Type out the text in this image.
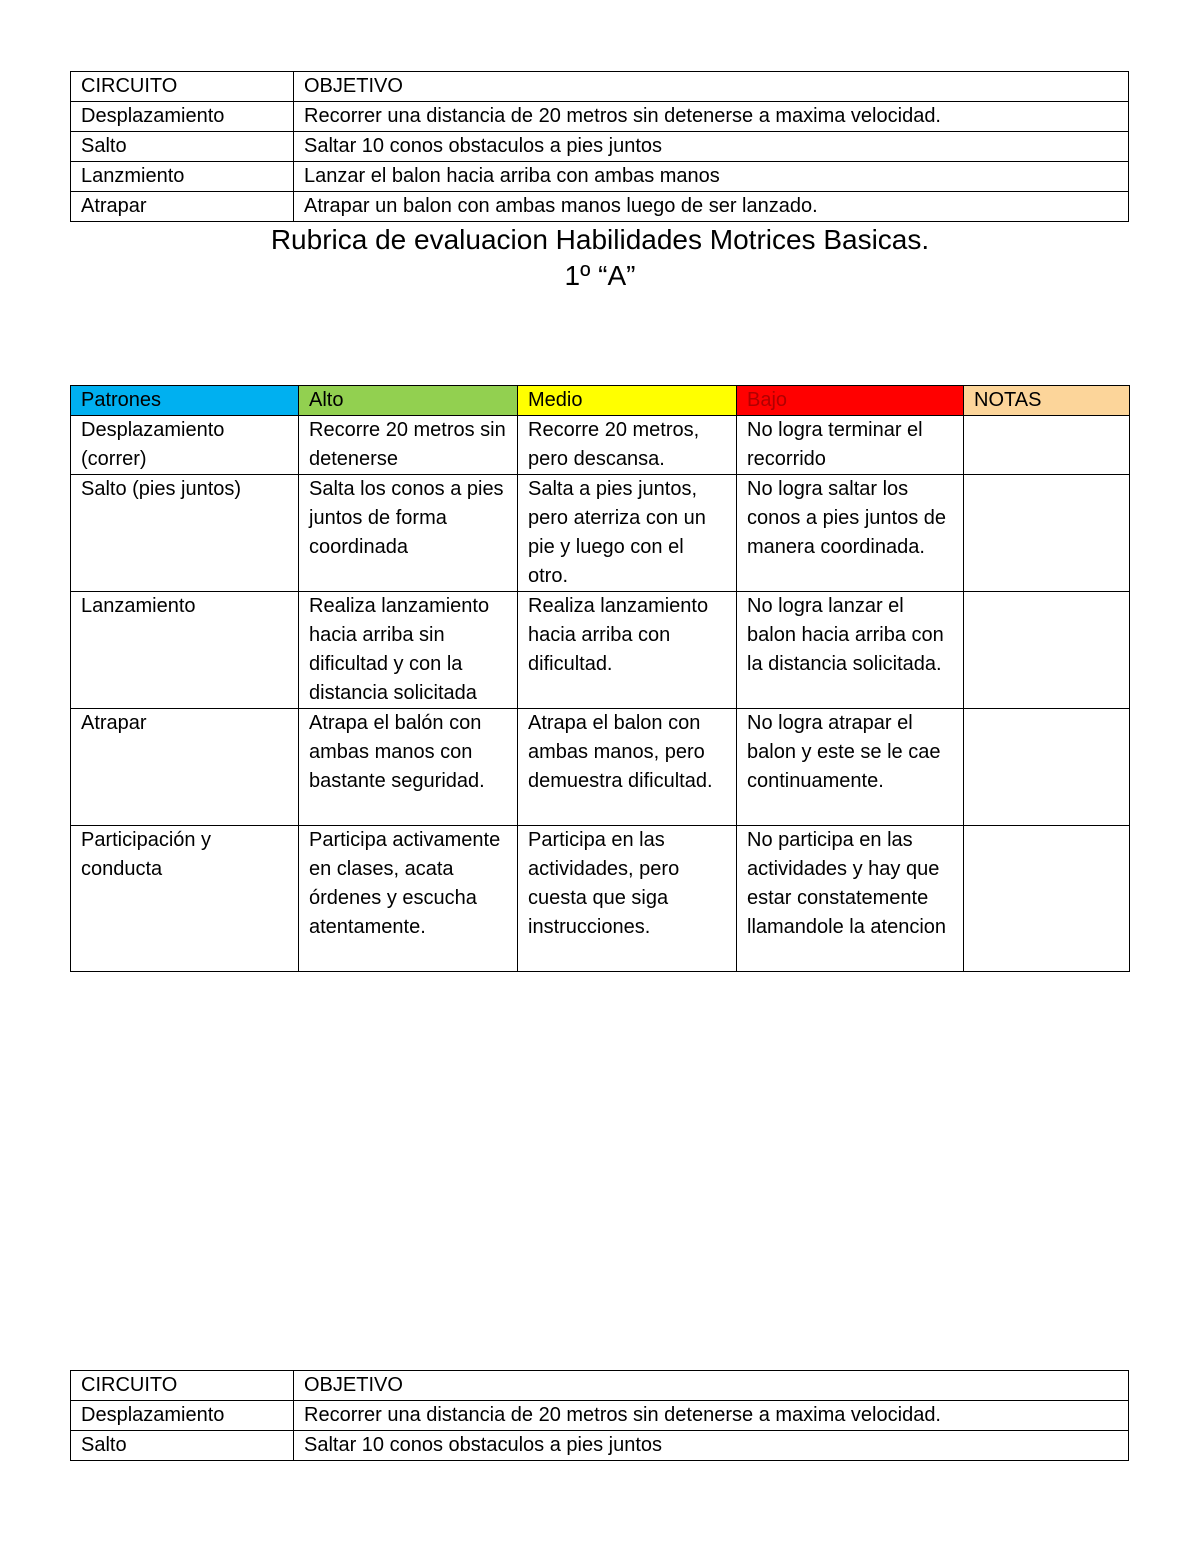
CIRCUITO	OBJETIVO
Desplazamiento	Recorrer una distancia de 20 metros sin detenerse a maxima velocidad.
Salto	Saltar 10 conos obstaculos a pies juntos
Lanzmiento	Lanzar el balon hacia arriba con ambas manos
Atrapar	Atrapar un balon con ambas manos luego de ser lanzado.
Rubrica de evaluacion Habilidades Motrices Basicas.
1º “A”
Patrones	Alto	Medio	Bajo	NOTAS
Desplazamiento (correr)	Recorre 20 metros sin detenerse	Recorre 20 metros, pero descansa.	No logra terminar el recorrido	
Salto (pies juntos)	Salta los conos a pies juntos de forma coordinada	Salta a pies juntos, pero aterriza con un pie y luego con el otro.	No logra saltar los conos a pies juntos de manera coordinada.	
Lanzamiento	Realiza lanzamiento hacia arriba sin dificultad y con la distancia solicitada	Realiza lanzamiento hacia arriba con dificultad.	No logra lanzar el balon hacia arriba con la distancia solicitada.	
Atrapar	Atrapa el balón con ambas manos con bastante seguridad.	Atrapa el balon con ambas manos, pero demuestra dificultad.	No logra atrapar el balon y este se le cae continuamente.	
Participación y conducta	Participa activamente en clases, acata órdenes y escucha atentamente.	Participa en las actividades, pero cuesta que siga instrucciones.	No participa en las actividades y hay que estar constatemente llamandole la atencion	
CIRCUITO	OBJETIVO
Desplazamiento	Recorrer una distancia de 20 metros sin detenerse a maxima velocidad.
Salto	Saltar 10 conos obstaculos a pies juntos
